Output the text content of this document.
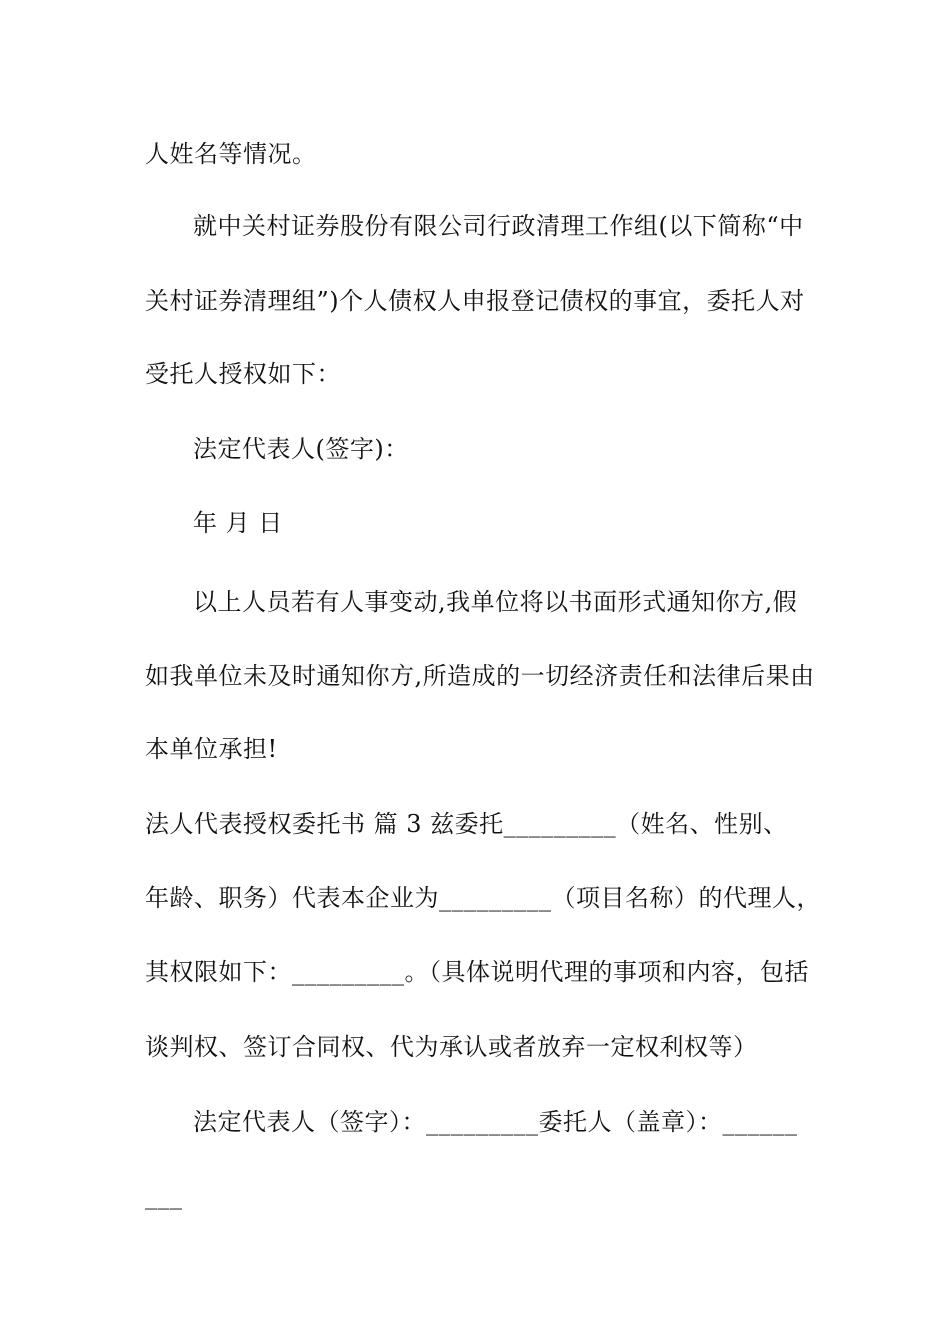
人姓名等情况。
就中关村证券股份有限公司行政清理工作组(以下简称“中
关村证券清理组”)个人债权人申报登记债权的事宜，委托人对
受托人授权如下：
法定代表人(签字)：
年 月 日
以上人员若有人事变动,我单位将以书面形式通知你方,假
如我单位未及时通知你方,所造成的一切经济责任和法律后果由
本单位承担!
法人代表授权委托书 篇 3 兹委托_________（姓名、性别、
年龄、职务）代表本企业为_________（项目名称）的代理人，
其权限如下：_________。（具体说明代理的事项和内容，包括
谈判权、签订合同权、代为承认或者放弃一定权利权等）
法定代表人（签字）：_________委托人（盖章）：______
___
